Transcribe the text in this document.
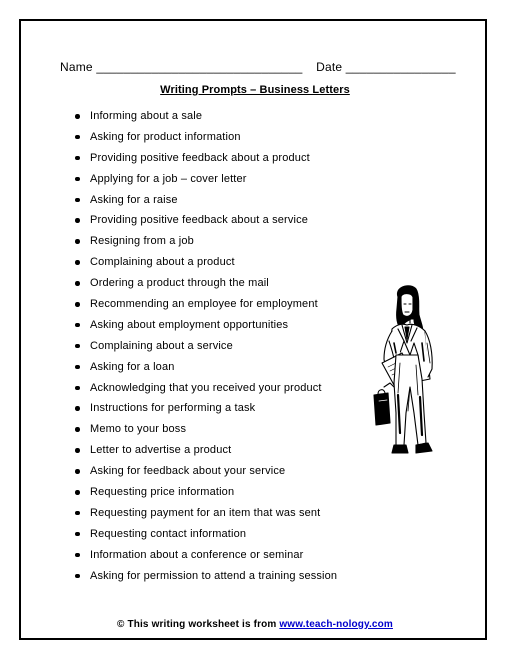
Name ______________________________ Date ________________
Writing Prompts – Business Letters
Informing about a sale
Asking for product information
Providing positive feedback about a product
Applying for a job – cover letter
Asking for a raise
Providing positive feedback about a service
Resigning from a job
Complaining about a product
Ordering a product through the mail
Recommending an employee for employment
Asking about employment opportunities
Complaining about a service
Asking for a loan
Acknowledging that you received your product
Instructions for performing a task
Memo to your boss
Letter to advertise a product
Asking for feedback about your service
Requesting price information
Requesting payment for an item that was sent
Requesting contact information
Information about a conference or seminar
Asking for permission to attend a training session
© This writing worksheet is from www.teach-nology.com
